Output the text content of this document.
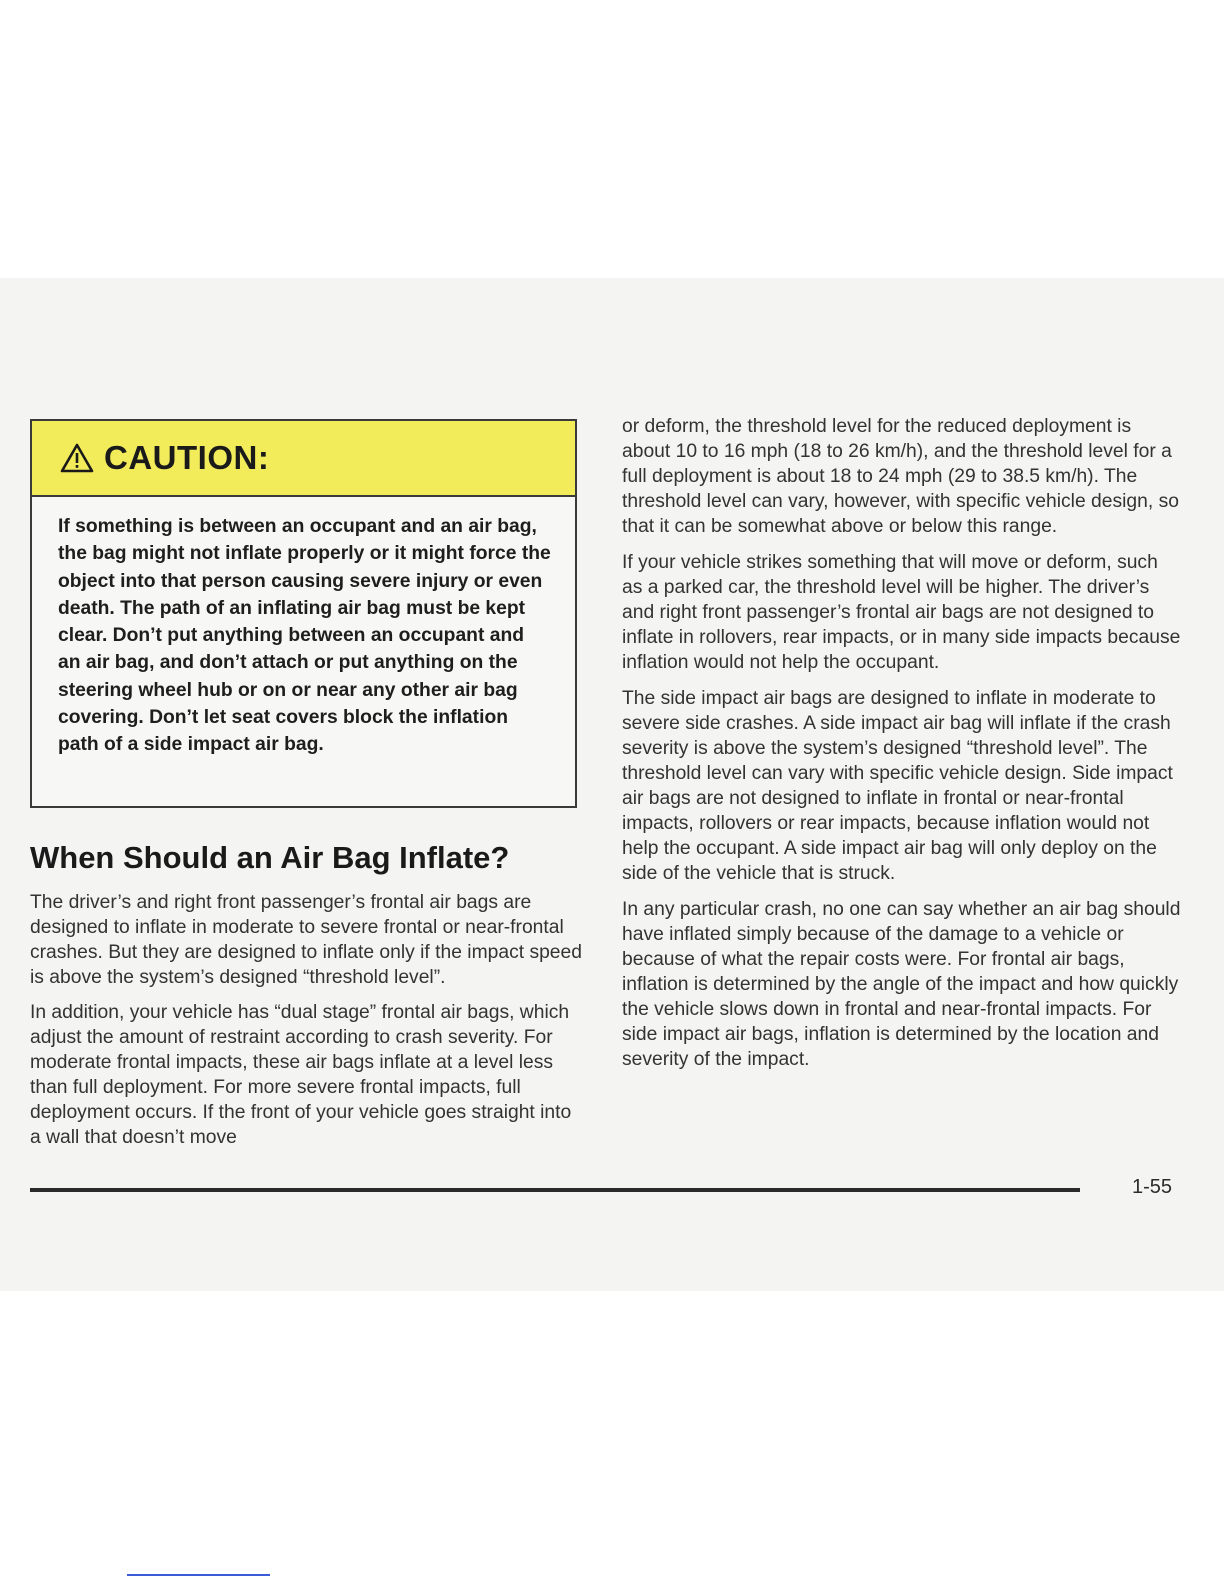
CAUTION:
If something is between an occupant and an air bag, the bag might not inflate properly or it might force the object into that person causing severe injury or even death. The path of an inflating air bag must be kept clear. Don’t put anything between an occupant and an air bag, and don’t attach or put anything on the steering wheel hub or on or near any other air bag covering. Don’t let seat covers block the inflation path of a side impact air bag.
When Should an Air Bag Inflate?

The driver’s and right front passenger’s frontal air bags are designed to inflate in moderate to severe frontal or near-frontal crashes. But they are designed to inflate only if the impact speed is above the system’s designed “threshold level”.

In addition, your vehicle has “dual stage” frontal air bags, which adjust the amount of restraint according to crash severity. For moderate frontal impacts, these air bags inflate at a level less than full deployment. For more severe frontal impacts, full deployment occurs. If the front of your vehicle goes straight into a wall that doesn’t move

or deform, the threshold level for the reduced deployment is about 10 to 16 mph (18 to 26 km/h), and the threshold level for a full deployment is about 18 to 24 mph (29 to 38.5 km/h). The threshold level can vary, however, with specific vehicle design, so that it can be somewhat above or below this range.

If your vehicle strikes something that will move or deform, such as a parked car, the threshold level will be higher. The driver’s and right front passenger’s frontal air bags are not designed to inflate in rollovers, rear impacts, or in many side impacts because inflation would not help the occupant.

The side impact air bags are designed to inflate in moderate to severe side crashes. A side impact air bag will inflate if the crash severity is above the system’s designed “threshold level”. The threshold level can vary with specific vehicle design. Side impact air bags are not designed to inflate in frontal or near-frontal impacts, rollovers or rear impacts, because inflation would not help the occupant. A side impact air bag will only deploy on the side of the vehicle that is struck.

In any particular crash, no one can say whether an air bag should have inflated simply because of the damage to a vehicle or because of what the repair costs were. For frontal air bags, inflation is determined by the angle of the impact and how quickly the vehicle slows down in frontal and near-frontal impacts. For side impact air bags, inflation is determined by the location and severity of the impact.

1-55
